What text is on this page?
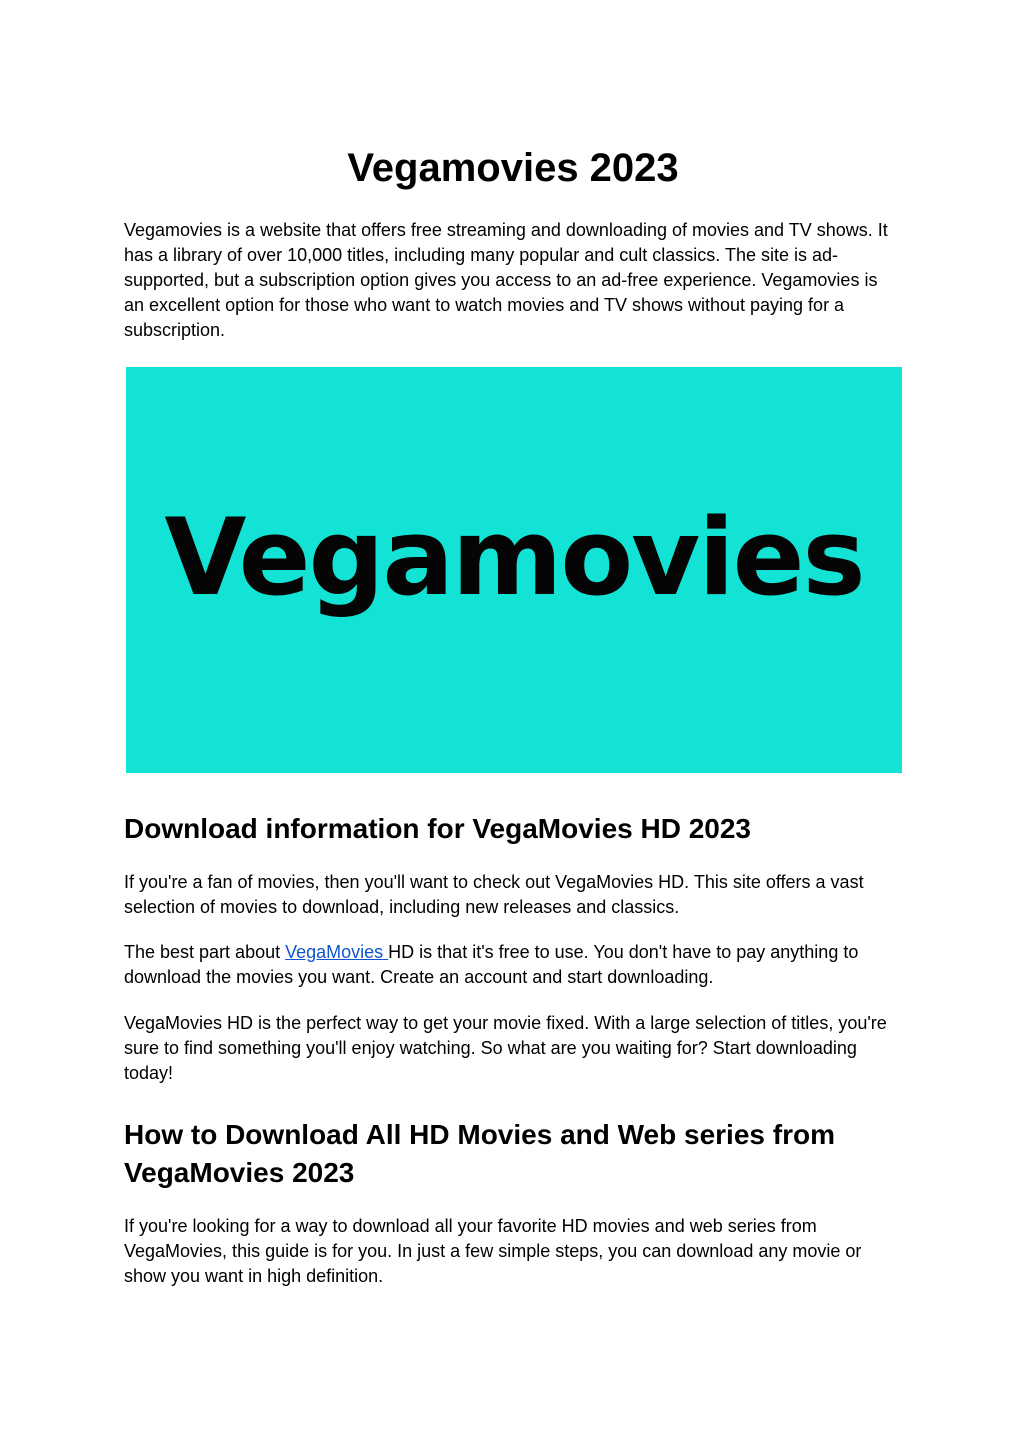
Vegamovies 2023

Vegamovies is a website that offers free streaming and downloading of movies and TV shows. It has a library of over 10,000 titles, including many popular and cult classics. The site is ad-supported, but a subscription option gives you access to an ad-free experience. Vegamovies is an excellent option for those who want to watch movies and TV shows without paying for a subscription.

Vegamovies
Download information for VegaMovies HD 2023

If you're a fan of movies, then you'll want to check out VegaMovies HD. This site offers a vast selection of movies to download, including new releases and classics.

The best part about VegaMovies HD is that it's free to use. You don't have to pay anything to download the movies you want. Create an account and start downloading.

VegaMovies HD is the perfect way to get your movie fixed. With a large selection of titles, you're sure to find something you'll enjoy watching. So what are you waiting for? Start downloading today!

How to Download All HD Movies and Web series from VegaMovies 2023

If you're looking for a way to download all your favorite HD movies and web series from VegaMovies, this guide is for you. In just a few simple steps, you can download any movie or show you want in high definition.
